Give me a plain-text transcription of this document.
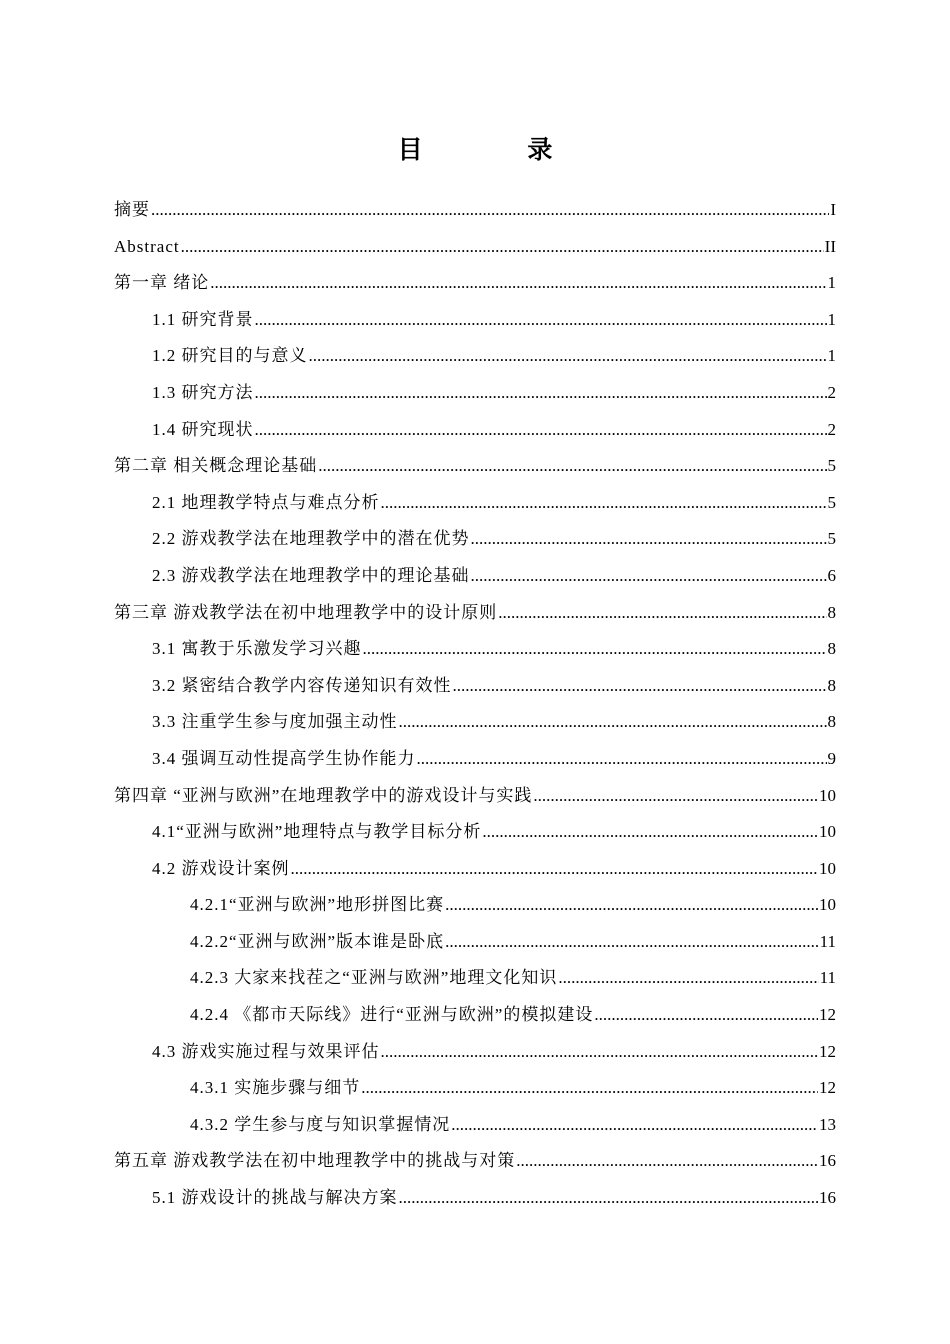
目 录
摘要 .....	I
Abstract .....	II
第一章 绪论 .....	1
1.1 研究背景 .....	1
1.2 研究目的与意义 .....	1
1.3 研究方法 .....	2
1.4 研究现状 .....	2
第二章 相关概念理论基础 .....	5
2.1 地理教学特点与难点分析 .....	5
2.2 游戏教学法在地理教学中的潜在优势 .....	5
2.3 游戏教学法在地理教学中的理论基础 .....	6
第三章 游戏教学法在初中地理教学中的设计原则 .....	8
3.1 寓教于乐激发学习兴趣 .....	8
3.2 紧密结合教学内容传递知识有效性 .....	8
3.3 注重学生参与度加强主动性 .....	8
3.4 强调互动性提高学生协作能力 .....	9
第四章 “亚洲与欧洲”在地理教学中的游戏设计与实践 .....	10
4.1“亚洲与欧洲”地理特点与教学目标分析 .....	10
4.2 游戏设计案例 .....	10
4.2.1“亚洲与欧洲”地形拼图比赛 .....	10
4.2.2“亚洲与欧洲”版本谁是卧底 .....	11
4.2.3 大家来找茬之“亚洲与欧洲”地理文化知识 .....	11
4.2.4 《都市天际线》进行“亚洲与欧洲”的模拟建设 .....	12
4.3 游戏实施过程与效果评估 .....	12
4.3.1 实施步骤与细节 .....	12
4.3.2 学生参与度与知识掌握情况 .....	13
第五章 游戏教学法在初中地理教学中的挑战与对策 .....	16
5.1 游戏设计的挑战与解决方案 .....	16
